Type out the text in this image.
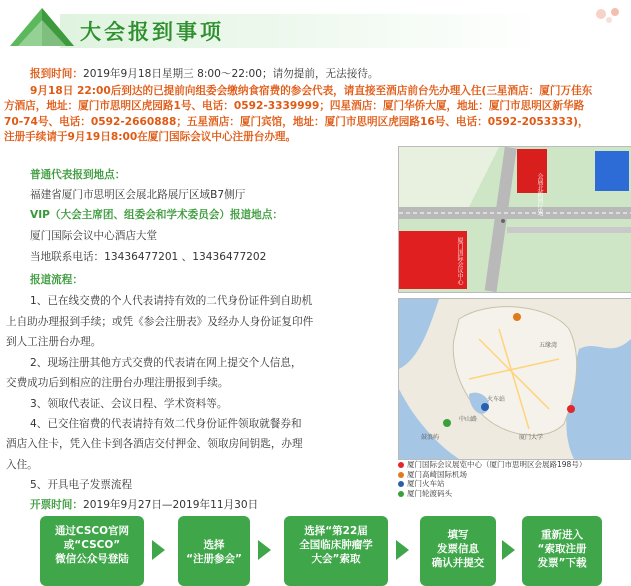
大会报到事项
报到时间：2019年9月18日星期三 8:00～22:00；请勿提前，无法接待。
9月18日 22:00后到达的已提前向组委会缴纳食宿费的参会代表，请直接至酒店前台先办理入住(三星酒店：厦门万佳东
方酒店，地址：厦门市思明区虎园路1号、电话：0592-3339999；四星酒店：厦门华侨大厦，地址：厦门市思明区新华路
70-74号、电话：0592-2660888；五星酒店：厦门宾馆，地址：厦门市思明区虎园路16号、电话：0592-2053333)，
注册手续请于9月19日8:00在厦门国际会议中心注册台办理。
普通代表报到地点：
福建省厦门市思明区会展北路展厅区域B7侧厅
VIP（大会主席团、组委会和学术委员会）报道地点：
厦门国际会议中心酒店大堂
当地联系电话：13436477201 、13436477202
报道流程：
1、已在线交费的个人代表请持有效的二代身份证件到自助机
上自助办理报到手续；或凭《参会注册表》及经办人身份证复印件
到人工注册台办理。
2、现场注册其他方式交费的代表请在网上提交个人信息，
交费成功后到相应的注册台办理注册报到手续。
3、领取代表证、会议日程、学术资料等。
4、已交住宿费的代表请持有效二代身份证件领取就餐券和
酒店入住卡，凭入住卡到各酒店交付押金、领取房间钥匙，办理
入住。
5、开具电子发票流程
开票时间：2019年9月27日—2019年11月30日
会展北路展厅B7
厦门国际会议中心
五缘湾
火车站
中山路
厦门大学
鼓浪屿
厦门国际会议展览中心（厦门市思明区会展路198号）
厦门高崎国际机场
厦门火车站
厦门轮渡码头
通过CSCO官网
或“CSCO”
微信公众号登陆
选择
“注册参会”
选择“第22届
全国临床肿瘤学
大会”索取
填写
发票信息
确认并提交
重新进入
“索取注册
发票”下载
